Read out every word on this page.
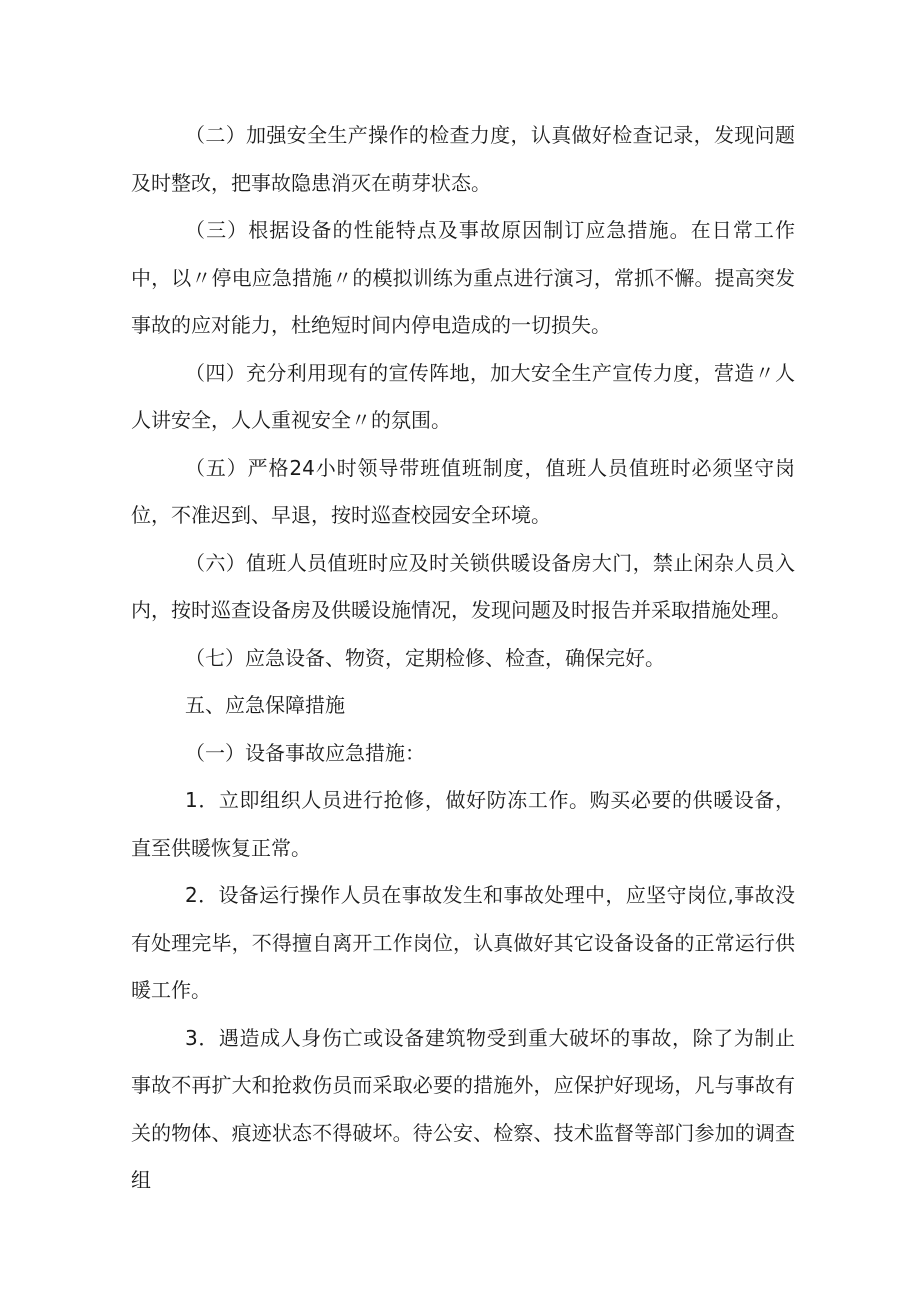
（二）加强安全生产操作的检查力度，认真做好检查记录，发现问题及时整改，把事故隐患消灭在萌芽状态。

（三）根据设备的性能特点及事故原因制订应急措施。在日常工作中，以〃停电应急措施〃的模拟训练为重点进行演习，常抓不懈。提高突发事故的应对能力，杜绝短时间内停电造成的一切损失。

（四）充分利用现有的宣传阵地，加大安全生产宣传力度，营造〃人人讲安全，人人重视安全〃的氛围。

（五）严格24小时领导带班值班制度，值班人员值班时必须坚守岗位，不准迟到、早退，按时巡查校园安全环境。

（六）值班人员值班时应及时关锁供暖设备房大门，禁止闲杂人员入内，按时巡查设备房及供暖设施情况，发现问题及时报告并采取措施处理。

（七）应急设备、物资，定期检修、检查，确保完好。

五、应急保障措施

（一）设备事故应急措施：

1．立即组织人员进行抢修，做好防冻工作。购买必要的供暖设备，直至供暖恢复正常。

2．设备运行操作人员在事故发生和事故处理中，应坚守岗位,事故没有处理完毕，不得擅自离开工作岗位，认真做好其它设备设备的正常运行供暖工作。

3．遇造成人身伤亡或设备建筑物受到重大破坏的事故，除了为制止事故不再扩大和抢救伤员而采取必要的措施外，应保护好现场，凡与事故有关的物体、痕迹状态不得破坏。待公安、检察、技术监督等部门参加的调查组
